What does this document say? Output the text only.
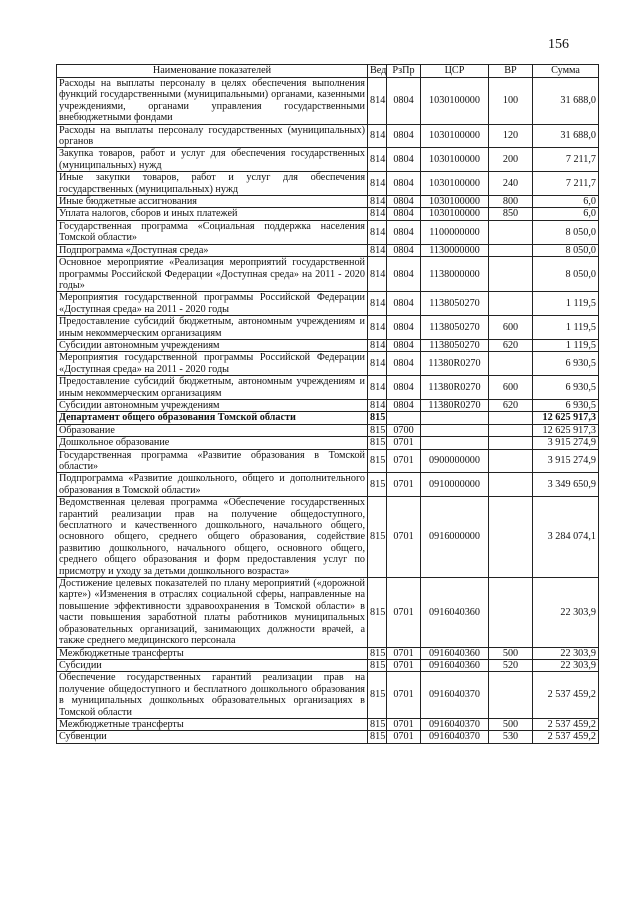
156
Наименование показателей	Вед	РзПр	ЦСР	ВР	Сумма
Расходы на выплаты персоналу в целях обеспечения выполнения функций государственными (муниципальными) органами, казенными учреждениями, органами управления государственными внебюджетными фондами	814	0804	1030100000	100	31 688,0
Расходы на выплаты персоналу государственных (муниципальных) органов	814	0804	1030100000	120	31 688,0
Закупка товаров, работ и услуг для обеспечения государственных (муниципальных) нужд	814	0804	1030100000	200	7 211,7
Иные закупки товаров, работ и услуг для обеспечения государственных (муниципальных) нужд	814	0804	1030100000	240	7 211,7
Иные бюджетные ассигнования	814	0804	1030100000	800	6,0
Уплата налогов, сборов и иных платежей	814	0804	1030100000	850	6,0
Государственная программа «Социальная поддержка населения Томской области»	814	0804	1100000000		8 050,0
Подпрограмма «Доступная среда»	814	0804	1130000000		8 050,0
Основное мероприятие «Реализация мероприятий государственной программы Российской Федерации «Доступная среда» на 2011 - 2020 годы»	814	0804	1138000000		8 050,0
Мероприятия государственной программы Российской Федерации «Доступная среда» на 2011 - 2020 годы	814	0804	1138050270		1 119,5
Предоставление субсидий бюджетным, автономным учреждениям и иным некоммерческим организациям	814	0804	1138050270	600	1 119,5
Субсидии автономным учреждениям	814	0804	1138050270	620	1 119,5
Мероприятия государственной программы Российской Федерации «Доступная среда» на 2011 - 2020 годы	814	0804	11380R0270		6 930,5
Предоставление субсидий бюджетным, автономным учреждениям и иным некоммерческим организациям	814	0804	11380R0270	600	6 930,5
Субсидии автономным учреждениям	814	0804	11380R0270	620	6 930,5
Департамент общего образования Томской области	815				12 625 917,3
Образование	815	0700			12 625 917,3
Дошкольное образование	815	0701			3 915 274,9
Государственная программа «Развитие образования в Томской области»	815	0701	0900000000		3 915 274,9
Подпрограмма «Развитие дошкольного, общего и дополнительного образования в Томской области»	815	0701	0910000000		3 349 650,9
Ведомственная целевая программа «Обеспечение государственных гарантий реализации прав на получение общедоступного, бесплатного и качественного дошкольного, начального общего, основного общего, среднего общего образования, содействие развитию дошкольного, начального общего, основного общего, среднего общего образования и форм предоставления услуг по присмотру и уходу за детьми дошкольного возраста»	815	0701	0916000000		3 284 074,1
Достижение целевых показателей по плану мероприятий («дорожной карте») «Изменения в отраслях социальной сферы, направленные на повышение эффективности здравоохранения в Томской области» в части повышения заработной платы работников муниципальных образовательных организаций, занимающих должности врачей, а также среднего медицинского персонала	815	0701	0916040360		22 303,9
Межбюджетные трансферты	815	0701	0916040360	500	22 303,9
Субсидии	815	0701	0916040360	520	22 303,9
Обеспечение государственных гарантий реализации прав на получение общедоступного и бесплатного дошкольного образования в муниципальных дошкольных образовательных организациях в Томской области	815	0701	0916040370		2 537 459,2
Межбюджетные трансферты	815	0701	0916040370	500	2 537 459,2
Субвенции	815	0701	0916040370	530	2 537 459,2
